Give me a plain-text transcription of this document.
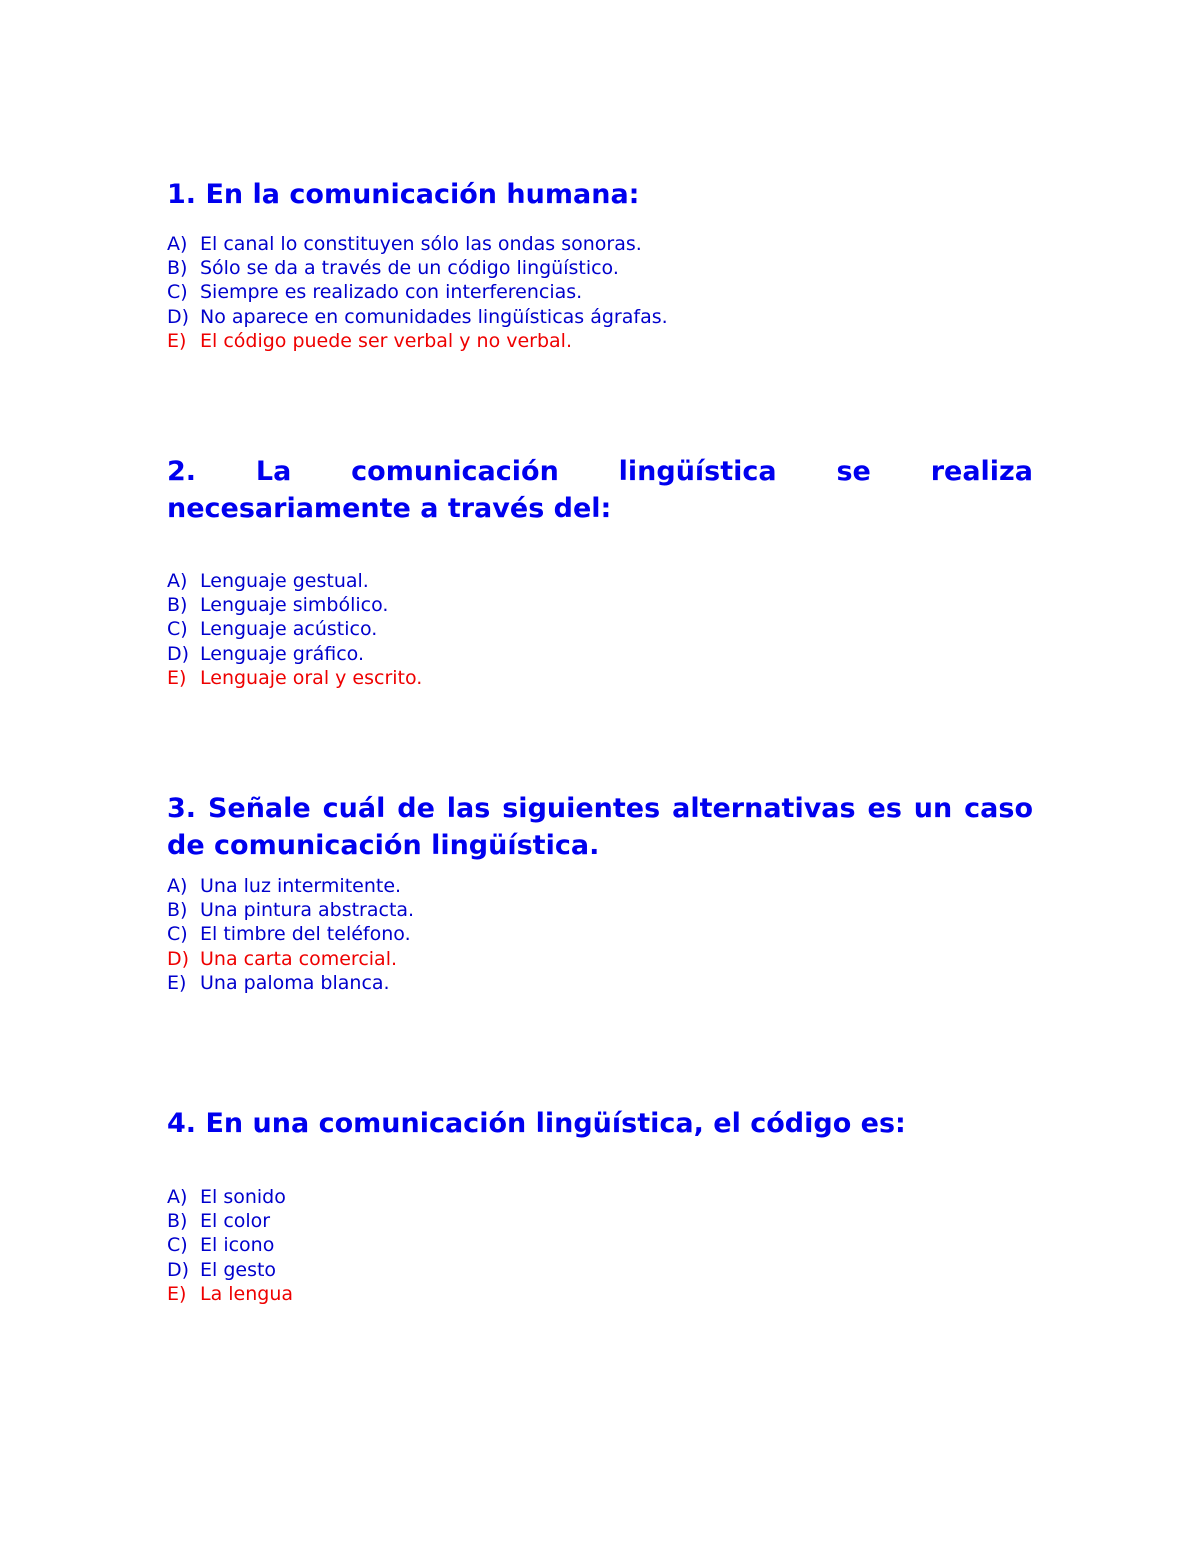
1. En la comunicación humana:
A) El canal lo constituyen sólo las ondas sonoras.
B) Sólo se da a través de un código lingüístico.
C) Siempre es realizado con interferencias.
D) No aparece en comunidades lingüísticas ágrafas.
E) El código puede ser verbal y no verbal.
2. La comunicación lingüística se realiza necesariamente a través del:
A) Lenguaje gestual.
B) Lenguaje simbólico.
C) Lenguaje acústico.
D) Lenguaje gráfico.
E) Lenguaje oral y escrito.
3. Señale cuál de las siguientes alternativas es un caso de comunicación lingüística.
A) Una luz intermitente.
B) Una pintura abstracta.
C) El timbre del teléfono.
D) Una carta comercial.
E) Una paloma blanca.
4. En una comunicación lingüística, el código es:
A) El sonido
B) El color
C) El icono
D) El gesto
E) La lengua
